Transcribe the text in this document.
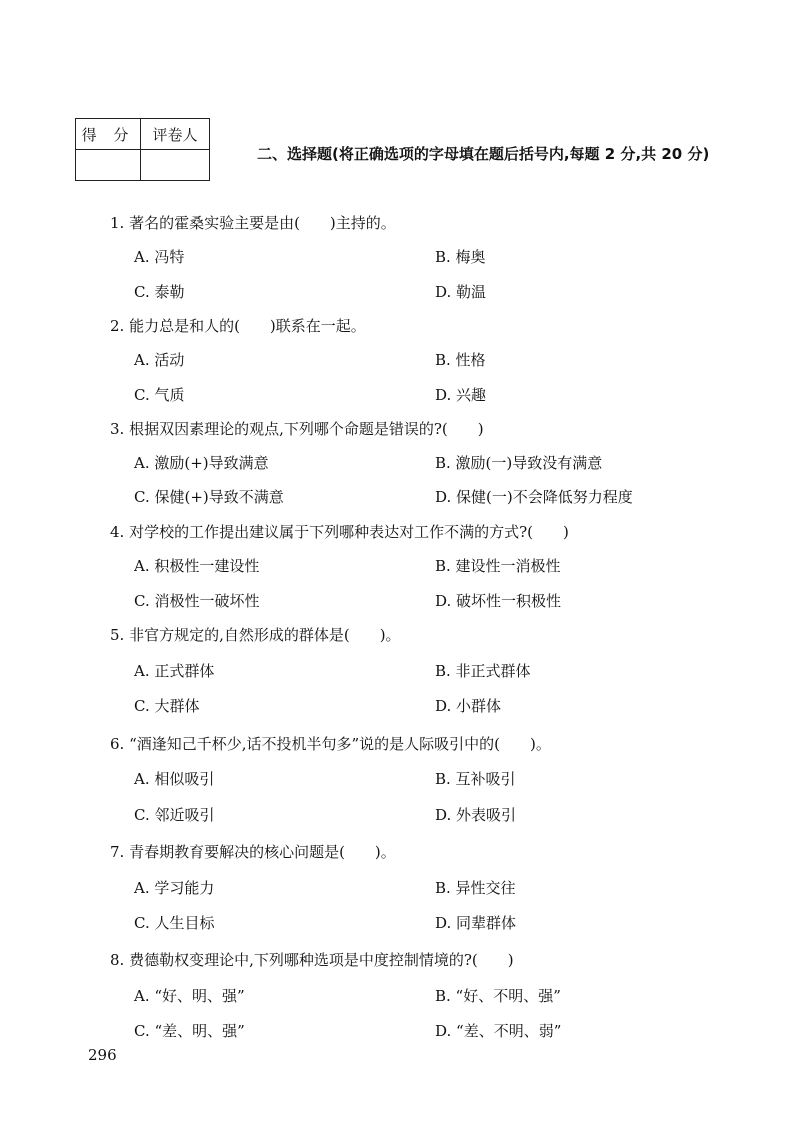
得 分	评卷人

二、选择题(将正确选项的字母填在题后括号内,每题 2 分,共 20 分)
1. 著名的霍桑实验主要是由(　　)主持的。
A. 冯特	B. 梅奥
C. 泰勒	D. 勒温
2. 能力总是和人的(　　)联系在一起。
A. 活动	B. 性格
C. 气质	D. 兴趣
3. 根据双因素理论的观点,下列哪个命题是错误的?(　　)
A. 激励(+)导致满意	B. 激励(一)导致没有满意
C. 保健(+)导致不满意	D. 保健(一)不会降低努力程度
4. 对学校的工作提出建议属于下列哪种表达对工作不满的方式?(　　)
A. 积极性一建设性	B. 建设性一消极性
C. 消极性一破坏性	D. 破坏性一积极性
5. 非官方规定的,自然形成的群体是(　　)。
A. 正式群体	B. 非正式群体
C. 大群体	D. 小群体
6. “酒逢知己千杯少,话不投机半句多”说的是人际吸引中的(　　)。
A. 相似吸引	B. 互补吸引
C. 邻近吸引	D. 外表吸引
7. 青春期教育要解决的核心问题是(　　)。
A. 学习能力	B. 异性交往
C. 人生目标	D. 同辈群体
8. 费德勒权变理论中,下列哪种选项是中度控制情境的?(　　)
A. “好、明、强”	B. “好、不明、强”
C. “差、明、强”	D. “差、不明、弱”
296
